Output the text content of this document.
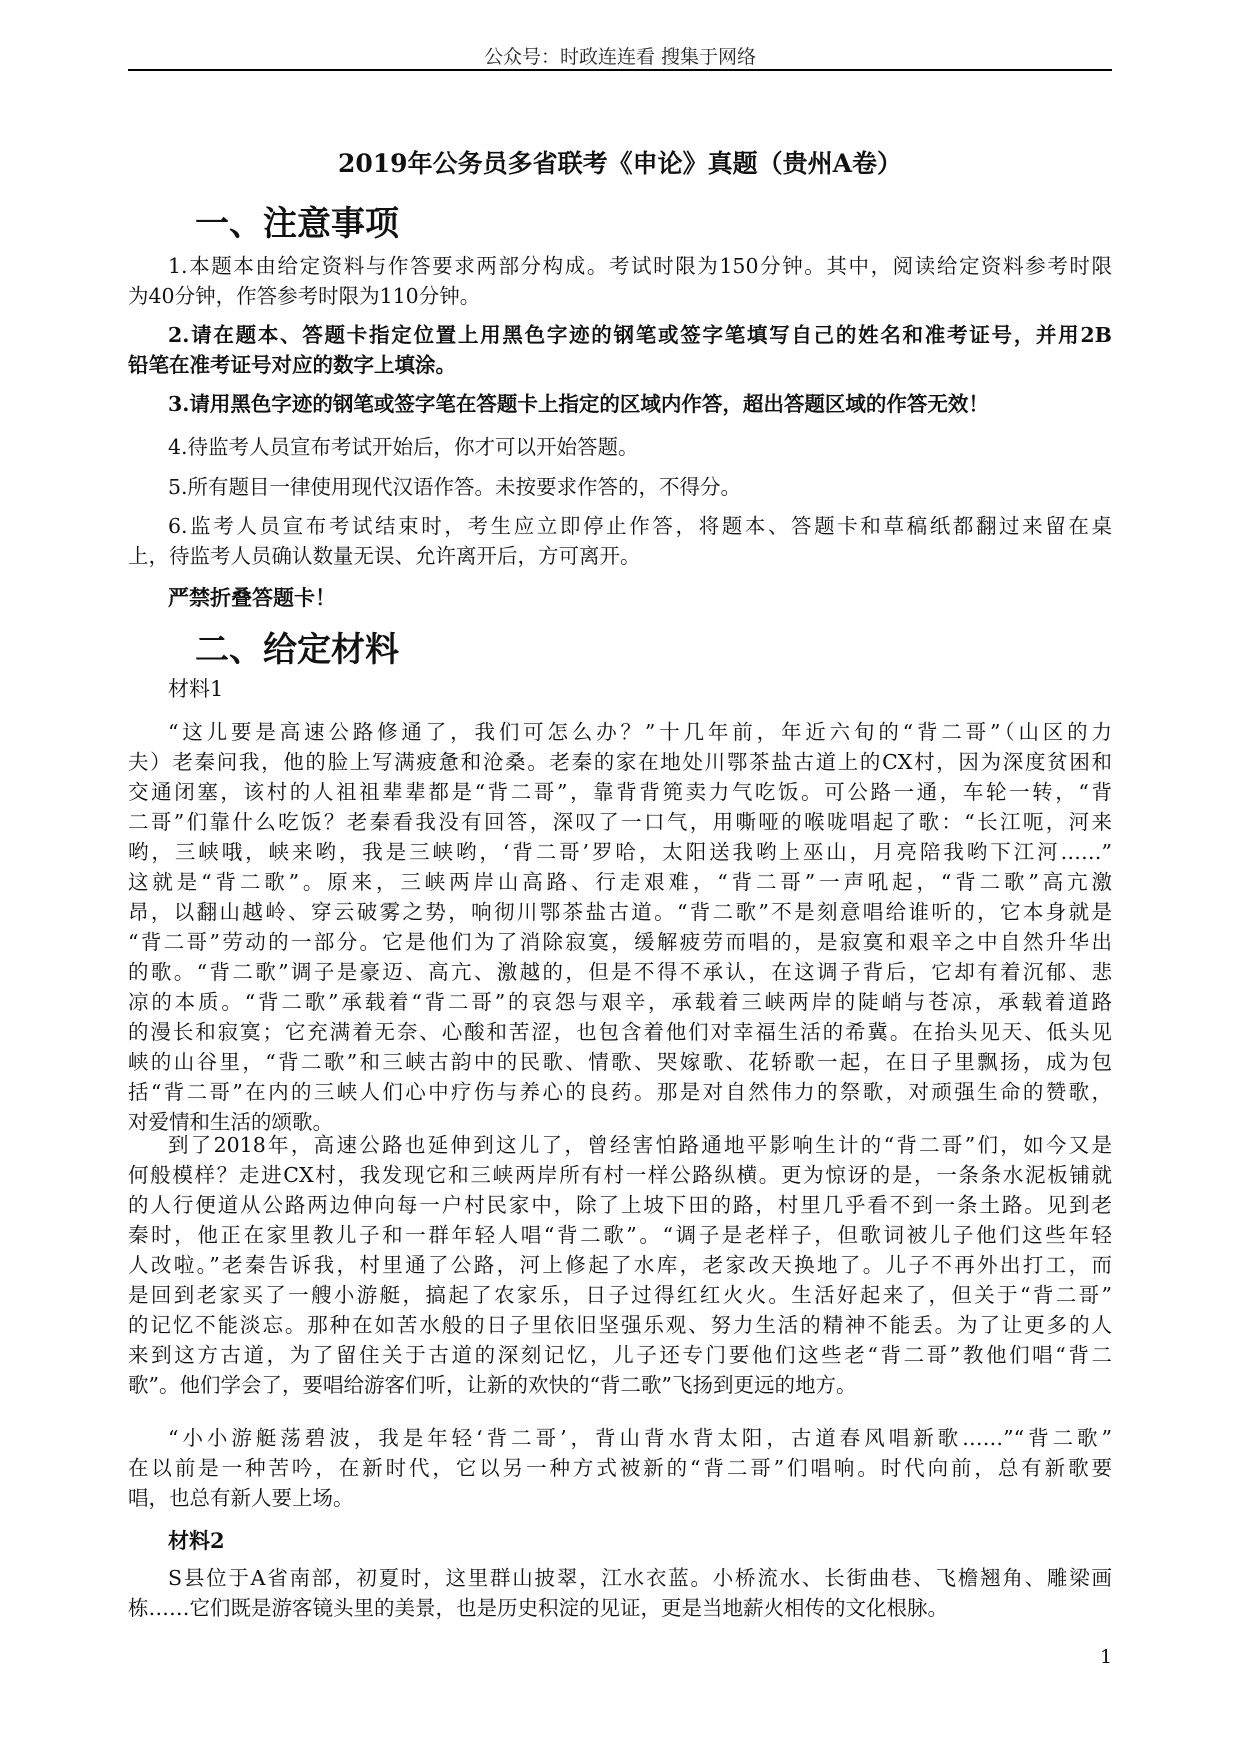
公众号：时政连连看 搜集于网络
2019年公务员多省联考《申论》真题（贵州A卷）
一、注意事项
1.本题本由给定资料与作答要求两部分构成。考试时限为150分钟。其中，阅读给定资料参考时限
为40分钟，作答参考时限为110分钟。
2.请在题本、答题卡指定位置上用黑色字迹的钢笔或签字笔填写自己的姓名和准考证号，并用2B
铅笔在准考证号对应的数字上填涂。
3.请用黑色字迹的钢笔或签字笔在答题卡上指定的区域内作答，超出答题区域的作答无效！
4.待监考人员宣布考试开始后，你才可以开始答题。
5.所有题目一律使用现代汉语作答。未按要求作答的，不得分。
6.监考人员宣布考试结束时，考生应立即停止作答，将题本、答题卡和草稿纸都翻过来留在桌
上，待监考人员确认数量无误、允许离开后，方可离开。
严禁折叠答题卡！
二、给定材料
材料1
“这儿要是高速公路修通了，我们可怎么办？”十几年前，年近六旬的“背二哥”（山区的力
夫）老秦问我，他的脸上写满疲惫和沧桑。老秦的家在地处川鄂茶盐古道上的CX村，因为深度贫困和
交通闭塞，该村的人祖祖辈辈都是“背二哥”，靠背背篼卖力气吃饭。可公路一通，车轮一转，“背
二哥”们靠什么吃饭？老秦看我没有回答，深叹了一口气，用嘶哑的喉咙唱起了歌：“长江呃，河来
哟，三峡哦，峡来哟，我是三峡哟，‘背二哥’罗哈，太阳送我哟上巫山，月亮陪我哟下江河……”
这就是“背二歌”。原来，三峡两岸山高路、行走艰难，“背二哥”一声吼起，“背二歌”高亢激
昂，以翻山越岭、穿云破雾之势，响彻川鄂茶盐古道。“背二歌”不是刻意唱给谁听的，它本身就是
“背二哥”劳动的一部分。它是他们为了消除寂寞，缓解疲劳而唱的，是寂寞和艰辛之中自然升华出
的歌。“背二歌”调子是豪迈、高亢、激越的，但是不得不承认，在这调子背后，它却有着沉郁、悲
凉的本质。“背二歌”承载着“背二哥”的哀怨与艰辛，承载着三峡两岸的陡峭与苍凉，承载着道路
的漫长和寂寞；它充满着无奈、心酸和苦涩，也包含着他们对幸福生活的希冀。在抬头见天、低头见
峡的山谷里，“背二歌”和三峡古韵中的民歌、情歌、哭嫁歌、花轿歌一起，在日子里飘扬，成为包
括“背二哥”在内的三峡人们心中疗伤与养心的良药。那是对自然伟力的祭歌，对顽强生命的赞歌，
对爱情和生活的颂歌。
到了2018年，高速公路也延伸到这儿了，曾经害怕路通地平影响生计的“背二哥”们，如今又是
何般模样？走进CX村，我发现它和三峡两岸所有村一样公路纵横。更为惊讶的是，一条条水泥板铺就
的人行便道从公路两边伸向每一户村民家中，除了上坡下田的路，村里几乎看不到一条土路。见到老
秦时，他正在家里教儿子和一群年轻人唱“背二歌”。“调子是老样子，但歌词被儿子他们这些年轻
人改啦。”老秦告诉我，村里通了公路，河上修起了水库，老家改天换地了。儿子不再外出打工，而
是回到老家买了一艘小游艇，搞起了农家乐，日子过得红红火火。生活好起来了，但关于“背二哥”
的记忆不能淡忘。那种在如苦水般的日子里依旧坚强乐观、努力生活的精神不能丢。为了让更多的人
来到这方古道，为了留住关于古道的深刻记忆，儿子还专门要他们这些老“背二哥”教他们唱“背二
歌”。他们学会了，要唱给游客们听，让新的欢快的“背二歌”飞扬到更远的地方。
“小小游艇荡碧波，我是年轻‘背二哥’，背山背水背太阳，古道春风唱新歌……”“背二歌”
在以前是一种苦吟，在新时代，它以另一种方式被新的“背二哥”们唱响。时代向前，总有新歌要
唱，也总有新人要上场。
材料2
S县位于A省南部，初夏时，这里群山披翠，江水衣蓝。小桥流水、长街曲巷、飞檐翘角、雕梁画
栋……它们既是游客镜头里的美景，也是历史积淀的见证，更是当地薪火相传的文化根脉。
1
